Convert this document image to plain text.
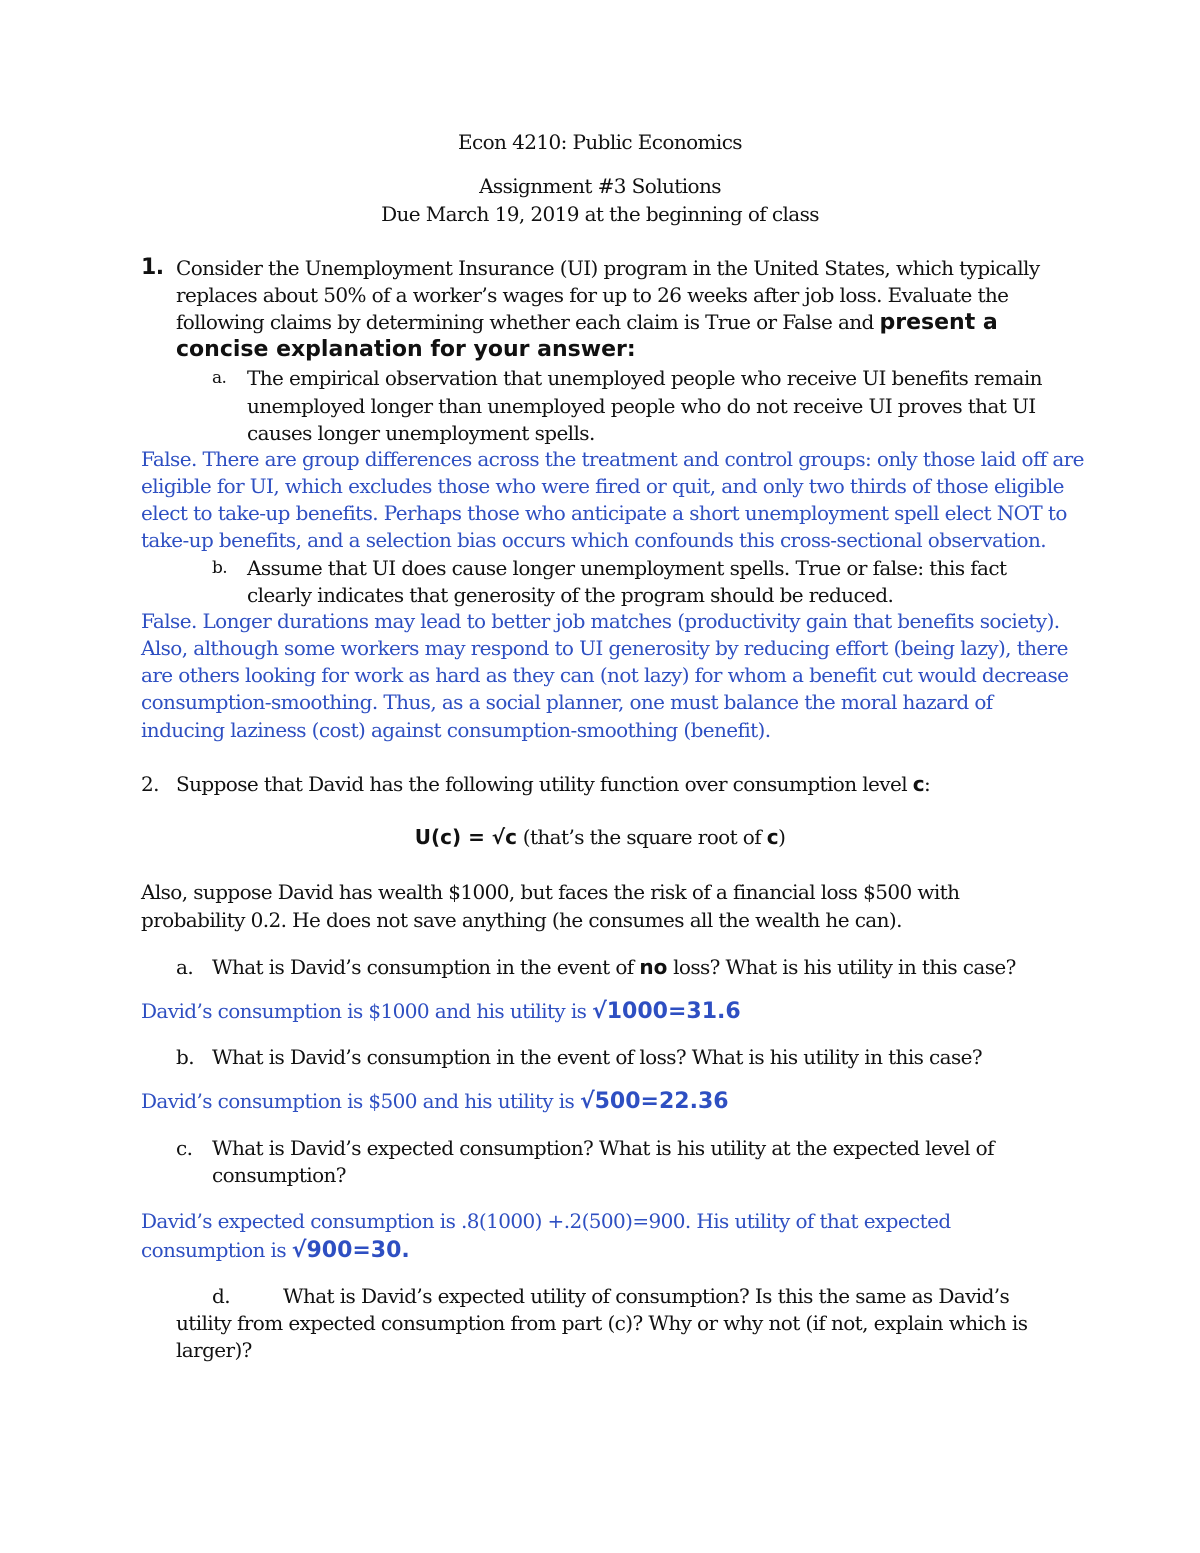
Econ 4210: Public Economics
Assignment #3 Solutions
Due March 19, 2019 at the beginning of class
1. Consider the Unemployment Insurance (UI) program in the United States, which typically
replaces about 50% of a worker’s wages for up to 26 weeks after job loss. Evaluate the
following claims by determining whether each claim is True or False and present a
concise explanation for your answer:
a. The empirical observation that unemployed people who receive UI benefits remain
unemployed longer than unemployed people who do not receive UI proves that UI
causes longer unemployment spells.
False. There are group differences across the treatment and control groups: only those laid off are
eligible for UI, which excludes those who were fired or quit, and only two thirds of those eligible
elect to take-up benefits. Perhaps those who anticipate a short unemployment spell elect NOT to
take-up benefits, and a selection bias occurs which confounds this cross-sectional observation.
b. Assume that UI does cause longer unemployment spells. True or false: this fact
clearly indicates that generosity of the program should be reduced.
False. Longer durations may lead to better job matches (productivity gain that benefits society).
Also, although some workers may respond to UI generosity by reducing effort (being lazy), there
are others looking for work as hard as they can (not lazy) for whom a benefit cut would decrease
consumption-smoothing. Thus, as a social planner, one must balance the moral hazard of
inducing laziness (cost) against consumption-smoothing (benefit).
2. Suppose that David has the following utility function over consumption level c:
U(c) = √c (that’s the square root of c)
Also, suppose David has wealth $1000, but faces the risk of a financial loss $500 with
probability 0.2. He does not save anything (he consumes all the wealth he can).
a. What is David’s consumption in the event of no loss? What is his utility in this case?
David’s consumption is $1000 and his utility is √1000=31.6
b. What is David’s consumption in the event of loss? What is his utility in this case?
David’s consumption is $500 and his utility is √500=22.36
c. What is David’s expected consumption? What is his utility at the expected level of
consumption?
David’s expected consumption is .8(1000) +.2(500)=900. His utility of that expected
consumption is √900=30.
d.	What is David’s expected utility of consumption? Is this the same as David’s
utility from expected consumption from part (c)? Why or why not (if not, explain which is
larger)?
